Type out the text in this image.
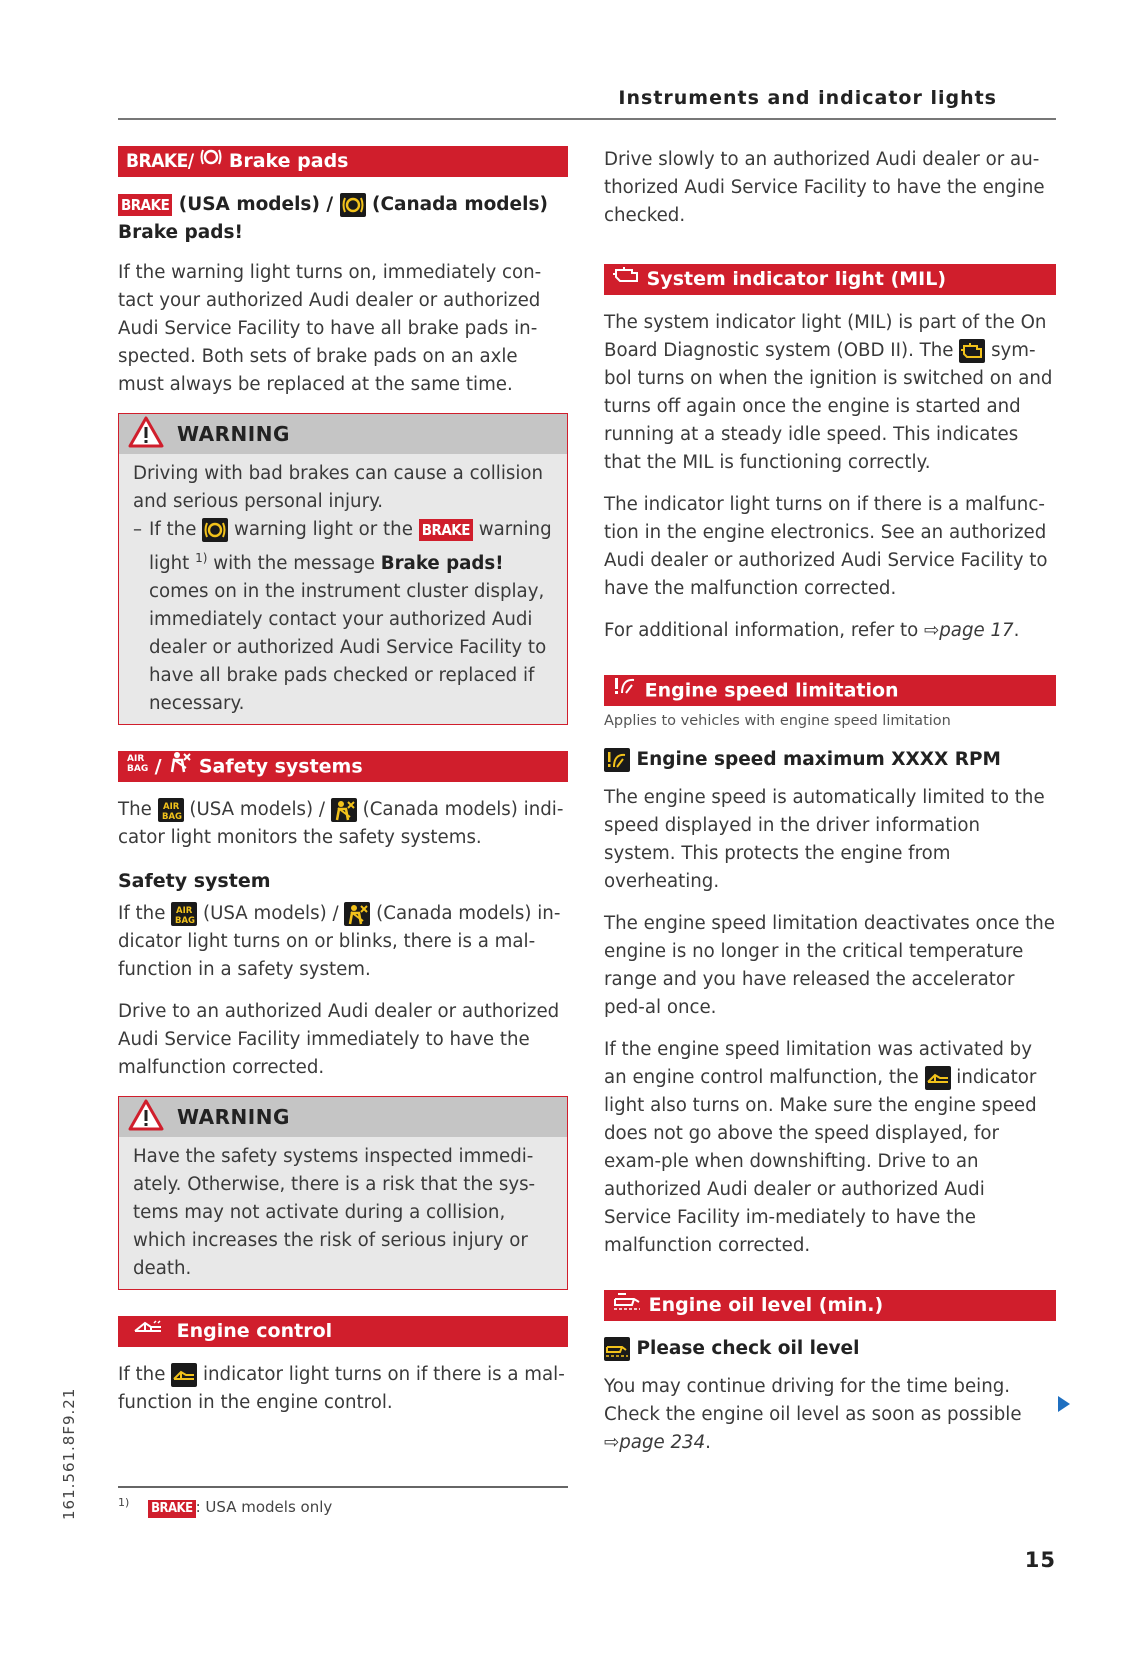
Instruments and indicator lights
BRAKE/ Brake pads
BRAKE (USA models) /
(Canada models)
Brake pads!

If the warning light turns on, immediately con-tact your authorized Audi dealer or authorized Audi Service Facility to have all brake pads in-spected. Both sets of brake pads on an axle must always be replaced at the same time.

WARNING

Driving with bad brakes can cause a collision and serious personal injury.

– If the
warning light or the BRAKE warning light $^{1)}$ with the message Brake pads! comes on in the instrument cluster display, immediately contact your authorized Audi dealer or authorized Audi Service Facility to have all brake pads checked or replaced if necessary.

AIR
BAG / Safety systems

The AIR
BAG (USA models) /
(Canada models) indi-cator light monitors the safety systems.

Safety system

If the AIR
BAG (USA models) /
(Canada models) in-dicator light turns on or blinks, there is a mal-function in a safety system.

Drive to an authorized Audi dealer or authorized Audi Service Facility immediately to have the malfunction corrected.

WARNING

Have the safety systems inspected immedi-ately. Otherwise, there is a risk that the sys-tems may not activate during a collision, which increases the risk of serious injury or death.

Engine control

If the
indicator light turns on if there is a mal-function in the engine control.

Drive slowly to an authorized Audi dealer or au-thorized Audi Service Facility to have the engine checked.

System indicator light (MIL)

The system indicator light (MIL) is part of the On Board Diagnostic system (OBD II). The
sym-bol turns on when the ignition is switched on and turns off again once the engine is started and running at a steady idle speed. This indicates that the MIL is functioning correctly.

The indicator light turns on if there is a malfunc-tion in the engine electronics. See an authorized Audi dealer or authorized Audi Service Facility to have the malfunction corrected.

For additional information, refer to ⇨page 17.

Engine speed limitation
Applies to vehicles with engine speed limitation
Engine speed maximum XXXX RPM

The engine speed is automatically limited to the speed displayed in the driver information system. This protects the engine from overheating.

The engine speed limitation deactivates once the engine is no longer in the critical temperature range and you have released the accelerator ped-al once.

If the engine speed limitation was activated by an engine control malfunction, the
indicator light also turns on. Make sure the engine speed does not go above the speed displayed, for exam-ple when downshifting. Drive to an authorized Audi dealer or authorized Audi Service Facility im-mediately to have the malfunction corrected.

Engine oil level (min.)
Please check oil level

You may continue driving for the time being. Check the engine oil level as soon as possible ⇨page 234.

$^{1)}$ BRAKE : USA models only
161.561.8F9.21
15
